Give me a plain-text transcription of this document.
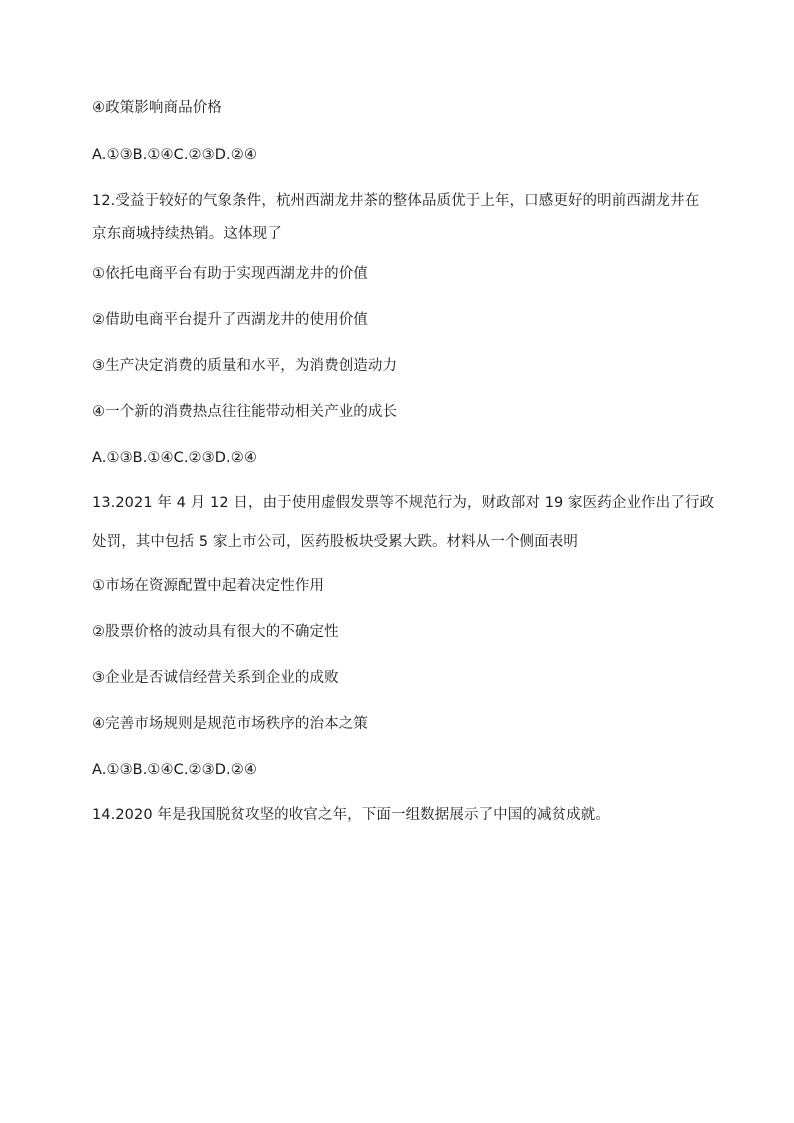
④政策影响商品价格
A.①③B.①④C.②③D.②④
12.受益于较好的气象条件，杭州西湖龙井茶的整体品质优于上年，口感更好的明前西湖龙井在
京东商城持续热销。这体现了
①依托电商平台有助于实现西湖龙井的价值
②借助电商平台提升了西湖龙井的使用价值
③生产决定消费的质量和水平，为消费创造动力
④一个新的消费热点往往能带动相关产业的成长
A.①③B.①④C.②③D.②④
13.2021 年 4 月 12 日，由于使用虚假发票等不规范行为，财政部对 19 家医药企业作出了行政
处罚，其中包括 5 家上市公司，医药股板块受累大跌。材料从一个侧面表明
①市场在资源配置中起着决定性作用
②股票价格的波动具有很大的不确定性
③企业是否诚信经营关系到企业的成败
④完善市场规则是规范市场秩序的治本之策
A.①③B.①④C.②③D.②④
14.2020 年是我国脱贫攻坚的收官之年，下面一组数据展示了中国的减贫成就。
